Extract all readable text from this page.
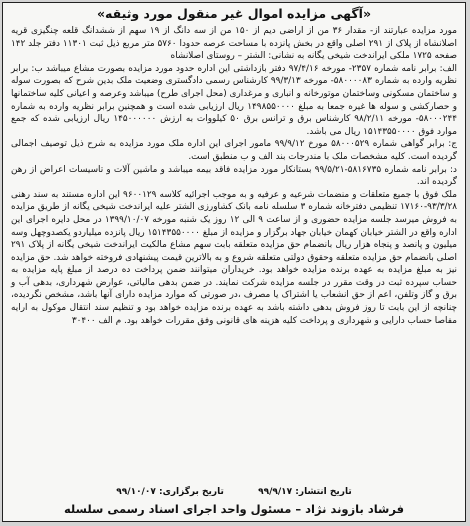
«آگهی مزایده اموال غیر منقول مورد وثیقه»

مورد مزایده عبارتند از- مقدار ۳۶ من از اراضی دیم از ۱۵۰ من از سه دانگ از ۱۹ سهم از ششدانگ قلعه چنگیزی قریه اصلانشاه از پلاک از ۲۹۱ اصلی واقع در بخش پانزده با مساحت عرصه حدودا ۵۷۶۰ متر مربع ذیل ثبت ۱۱۳۰۱ دفتر جلد ۱۴۲ صفحه ۱۷۲۵ ملکی ایراندخت شیخی یگانه به نشانی: الشتر – روستای اصلانشاه

الف: برابر نامه شماره ۲۳۵۷- مورخه ۹۷/۴/۱۶ دفتر بازداشتی این اداره حدود مورد مزایده بصورت مشاع میباشد ب: برابر نظریه وارده به شماره ۵۸۰۰۰۰۸۳- مورخه ۹۹/۳/۱۳ کارشناس رسمی دادگستری وضعیت ملک بدین شرح که بصورت سوله و ساختمان مسکونی وساختمان موتورخانه و انباری و مرغداری (محل اجرای طرح) میباشد وعرصه و اعیانی کلیه ساختمانها و حصارکشی و سوله ها غیره جمعا به مبلغ ۱۴۹۸۵۵۰۰۰۰ ریال ارزیابی شده است و همچنین برابر نظریه وارده به شماره ۵۸۰۰۰۲۴۴- مورخه ۹۸/۲/۱۱ کارشناس برق و ترانس برق ۵۰ کیلووات به ارزش ۱۴۵۰۰۰۰۰۰ ریال ارزیابی شده که جمع موارد فوق ۱۵۱۴۳۵۵۰۰۰۰ ریال می باشد.

ج: برابر گواهی شماره ۵۸۰۰۰۵۲۹ مورخ ۹۹/۹/۱۲ مامور اجرای این اداره ملک مورد مزایده به شرح ذیل توصیف اجمالی گردیده است. کلیه مشخصات ملک با مندرجات بند الف و ب منطبق است.

د: برابر نامه شماره ۵۸۱۶۷۳۵-۹۹/۵/۲۱ بستانکار مورد مزایده فاقد بیمه میباشد و ماشین آلات و تاسیسات اعراض از رهن گردیده اند.

ملک فوق با جمیع متعلقات و منضمات شرعیه و عرفیه و به موجب اجرائیه کلاسه ۹۶۰۰۱۲۹ این اداره مستند به سند رهنی ۹۳/۳/۲۸-۱۷۱۶۰ تنظیمی دفترخانه شماره ۳ سلسله نامه بانک کشاورزی الشتر علیه ایراندخت شیخی یگانه از طریق مزایده به فروش میرسد جلسه مزایده حضوری و از ساعت ۹ الی ۱۲ روز یک شنبه مورخه ۱۳۹۹/۱۰/۰۷ در محل دایره اجرای این اداره واقع در الشتر خیابان کهمان خیابان جهاد برگزار و مزایده از مبلغ ۱۵۱۴۳۵۵۰۰۰۰ ریال پانزده میلیاردو یکصدوچهل وسه میلیون و پانصد و پنجاه هزار ریال بانضمام حق مزایده متعلقه بابت سهم مشاع مالکیت ایراندخت شیخی یگانه از پلاک ۲۹۱ اصلی بانضمام حق مزایده متعلقه وحقوق دولتی متعلقه شروع و به بالاترین قیمت پیشنهادی فروخته خواهد شد. حق مزایده نیز به مبلغ مزایده به عهده برنده مزایده خواهد بود. خریداران میتوانند ضمن پرداخت ده درصد از مبلغ پایه مزایده به حساب سپرده ثبت در وقت مقرر در جلسه مزایده شرکت نمایند. در ضمن بدهی مالیاتی، عوارض شهرداری، بدهی آب و برق و گاز وتلفن، اعم از حق انشعاب یا اشتراک یا مصرف ،در صورتی که موارد مزایده دارای آنها باشد، مشخص نگردیده، چنانچه از این بابت تا روز فروش بدهی داشته باشد به عهده برنده مزایده خواهد بود و تنظیم سند انتقال موکول به ارایه مفاصا حساب دارایی و شهرداری و پرداخت کلیه هزینه های قانونی وفق مقررات خواهد بود. م الف ۳۰۴۰۰

تاریخ انتشار: ۹۹/۹/۱۷  تاریخ برگزاری: ۹۹/۱۰/۰۷
فرشاد بازوند نژاد – مسئول واحد اجرای اسناد رسمی سلسله
